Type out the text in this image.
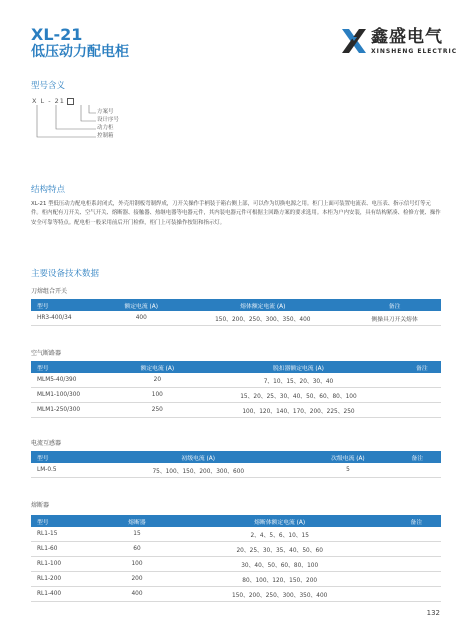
XL-21
低压动力配电柜
鑫盛电气
XINSHENG ELECTRIC
型号含义
X L - 21
方案号
设计序号
动力柜
控制箱
结构特点
XL-21 型低压动力配电柜系封闭式，外壳用钢板弯制焊成，刀开关操作手柄装于箱右侧上部，可以作为切换电源之用。柜门上面可装置电流表、电压表、指示信号灯等元件。柜内配有刀开关、空气开关、熔断器、接触器、热继电器等电器元件，其内装电器元件可根据主回路方案的要求选用。本柜为户内安装，具有结构紧凑、检修方便、操作安全可靠等特点。配电柜一般采用前后开门检修，柜门上可装操作按钮和指示灯。
主要设备技术数据
刀熔组合开关
型号	额定电流 (A)	熔体额定电流 (A)	备注
HR3-400/34	400	150、200、250、300、350、400	侧操具刀开关熔体
空气断路器
型号	额定电流 (A)	脱扣器额定电流 (A)	备注
MLM5-40/390	20	7、10、15、20、30、40	
MLM1-100/300	100	15、20、25、30、40、50、60、80、100	
MLM1-250/300	250	100、120、140、170、200、225、250	
电流互感器
型号	初级电流 (A)	次级电流 (A)	备注
LM-0.5	75、100、150、200、300、600	5	
熔断器
型号	熔断器	熔断体额定电流 (A)	备注
RL1-15	15	2、4、5、6、10、15	
RL1-60	60	20、25、30、35、40、50、60	
RL1-100	100	30、40、50、60、80、100	
RL1-200	200	80、100、120、150、200	
RL1-400	400	150、200、250、300、350、400	
132
